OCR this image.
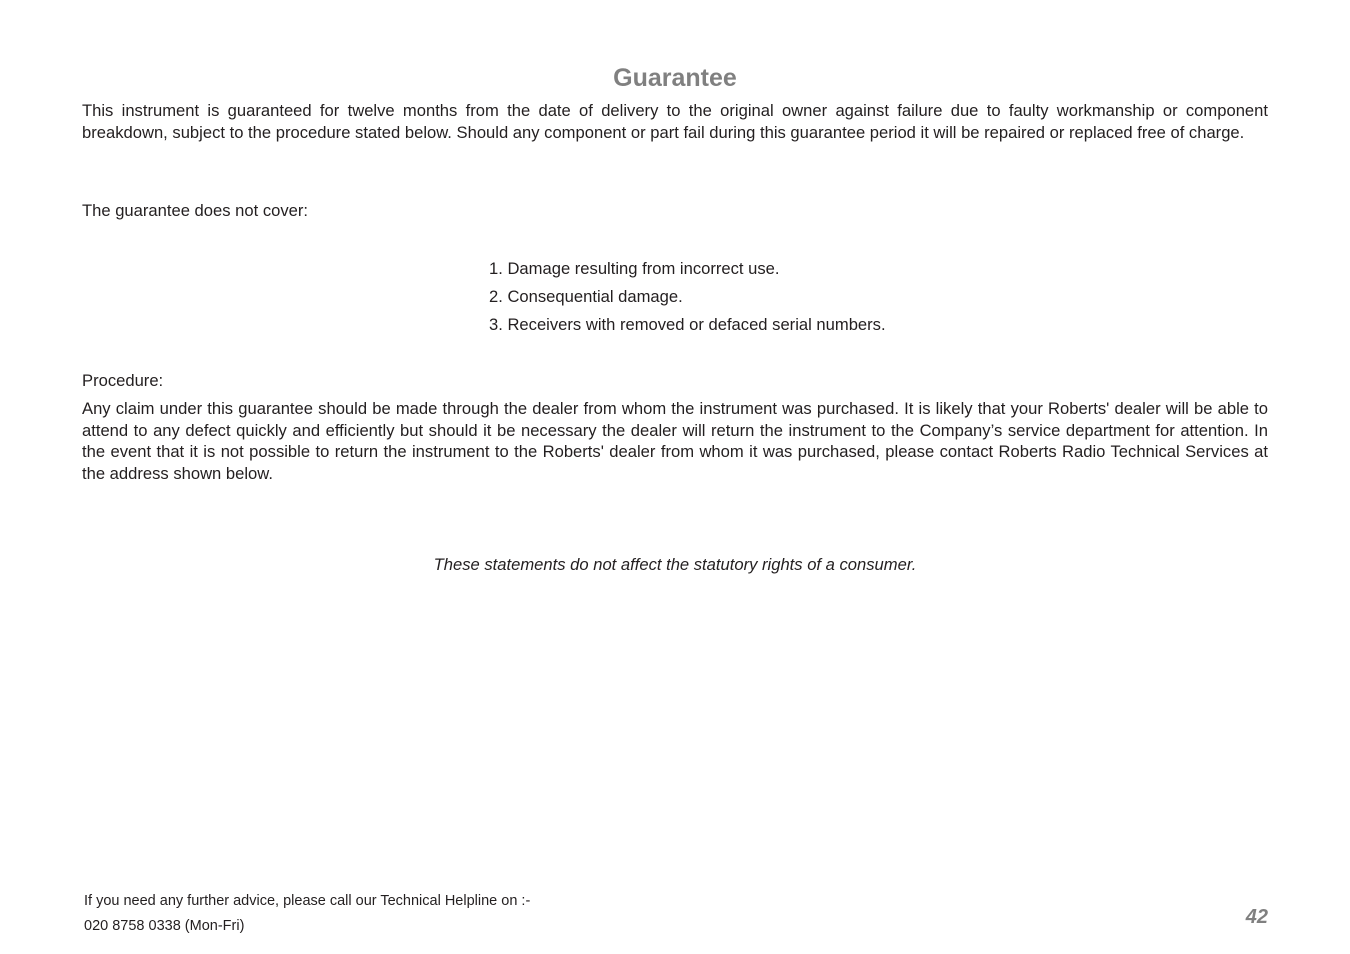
Guarantee

This instrument is guaranteed for twelve months from the date of delivery to the original owner against failure due to faulty workmanship or component breakdown, subject to the procedure stated below. Should any component or part fail during this guarantee period it will be repaired or replaced free of charge.

The guarantee does not cover:

1. Damage resulting from incorrect use.
2. Consequential damage.
3. Receivers with removed or defaced serial numbers.

Procedure:

Any claim under this guarantee should be made through the dealer from whom the instrument was purchased. It is likely that your Roberts' dealer will be able to attend to any defect quickly and efficiently but should it be necessary the dealer will return the instrument to the Company’s service department for attention. In the event that it is not possible to return the instrument to the Roberts' dealer from whom it was purchased, please contact Roberts Radio Technical Services at the address shown below.

These statements do not affect the statutory rights of a consumer.

If you need any further advice, please call our Technical Helpline on :-
020 8758 0338 (Mon-Fri)	42
